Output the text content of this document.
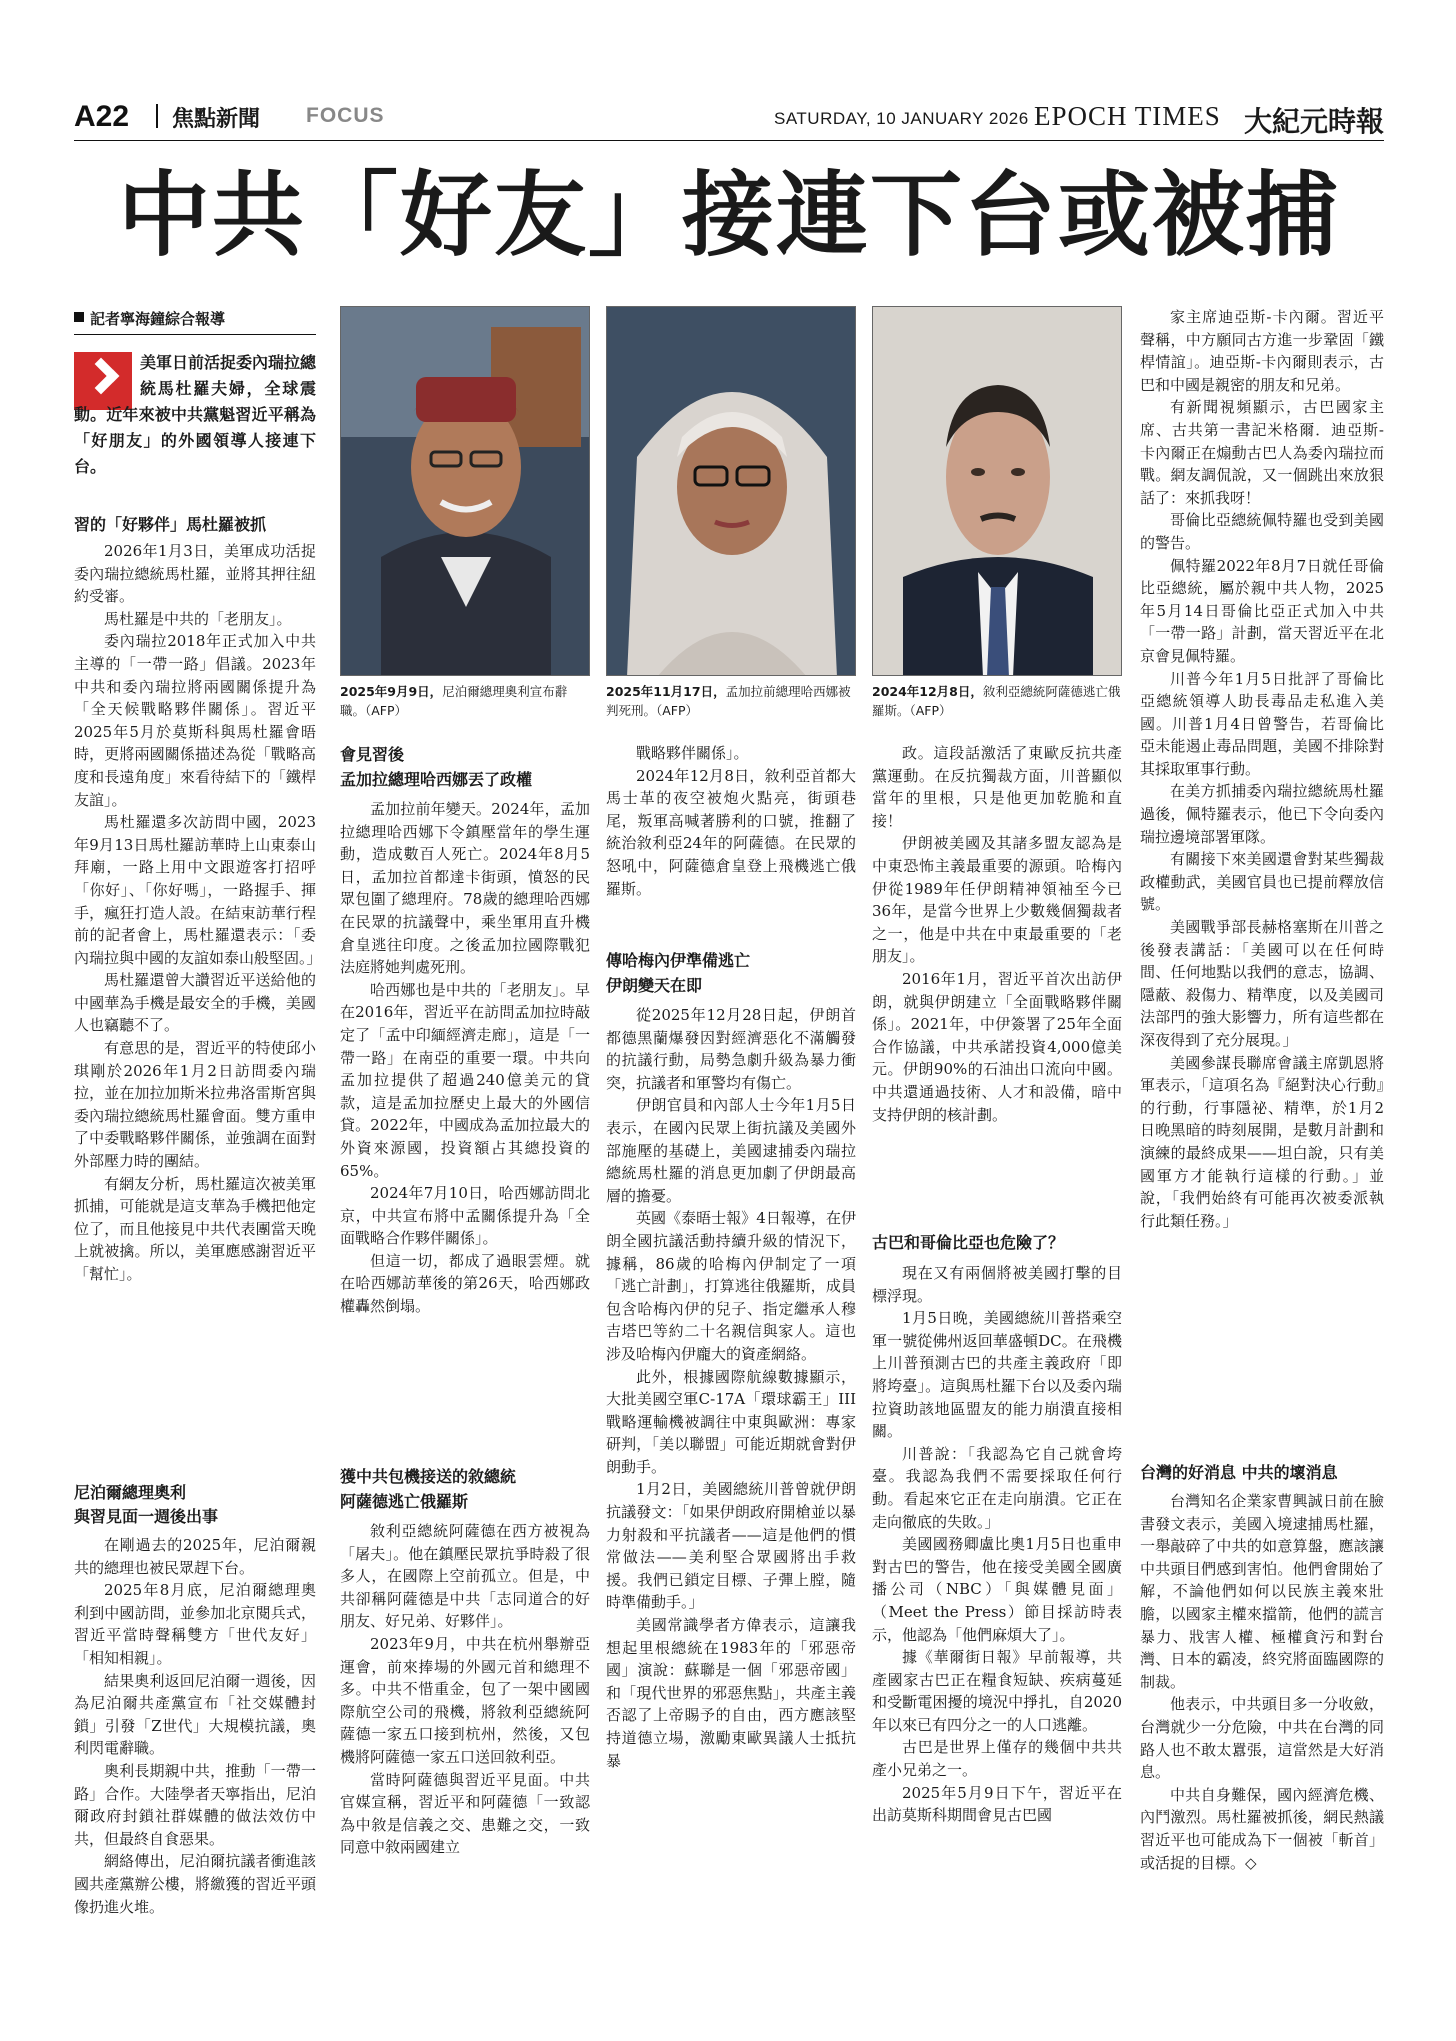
A22 焦點新聞 FOCUS	SATURDAY, 10 JANUARY 2026 EPOCH TIMES 大紀元時報
中共「好友」接連下台或被捕
記者寧海鐘綜合報導
美軍日前活捉委內瑞拉總統馬杜羅夫婦，全球震動。近年來被中共黨魁習近平稱為「好朋友」的外國領導人接連下台。
習的「好夥伴」馬杜羅被抓

2026年1月3日，美軍成功活捉委內瑞拉總統馬杜羅，並將其押往紐約受審。

馬杜羅是中共的「老朋友」。

委內瑞拉2018年正式加入中共主導的「一帶一路」倡議。2023年中共和委內瑞拉將兩國關係提升為「全天候戰略夥伴關係」。習近平2025年5月於莫斯科與馬杜羅會晤時，更將兩國關係描述為從「戰略高度和長遠角度」來看待結下的「鐵桿友誼」。

馬杜羅還多次訪問中國，2023年9月13日馬杜羅訪華時上山東泰山拜廟，一路上用中文跟遊客打招呼「你好」、「你好嗎」，一路握手、揮手，瘋狂打造人設。在結束訪華行程前的記者會上，馬杜羅還表示：「委內瑞拉與中國的友誼如泰山般堅固。」

馬杜羅還曾大讚習近平送給他的中國華為手機是最安全的手機，美國人也竊聽不了。

有意思的是，習近平的特使邱小琪剛於2026年1月2日訪問委內瑞拉，並在加拉加斯米拉弗洛雷斯宮與委內瑞拉總統馬杜羅會面。雙方重申了中委戰略夥伴關係，並強調在面對外部壓力時的團結。

有網友分析，馬杜羅這次被美軍抓捕，可能就是這支華為手機把他定位了，而且他接見中共代表團當天晚上就被擒。所以，美軍應感謝習近平「幫忙」。

尼泊爾總理奧利
與習見面一週後出事

在剛過去的2025年，尼泊爾親共的總理也被民眾趕下台。

2025年8月底，尼泊爾總理奧利到中國訪問，並參加北京閱兵式，習近平當時聲稱雙方「世代友好」「相知相親」。

結果奧利返回尼泊爾一週後，因為尼泊爾共產黨宣布「社交媒體封鎖」引發「Z世代」大規模抗議，奧利閃電辭職。

奧利長期親中共，推動「一帶一路」合作。大陸學者天寧指出，尼泊爾政府封鎖社群媒體的做法效仿中共，但最終自食惡果。

網絡傳出，尼泊爾抗議者衝進該國共產黨辦公樓，將繳獲的習近平頭像扔進火堆。

2025年9月9日，尼泊爾總理奧利宣布辭職。（AFP）
2025年11月17日，孟加拉前總理哈西娜被判死刑。（AFP）
2024年12月8日，敘利亞總統阿薩德逃亡俄羅斯。（AFP）
會見習後
孟加拉總理哈西娜丟了政權

孟加拉前年變天。2024年，孟加拉總理哈西娜下令鎮壓當年的學生運動，造成數百人死亡。2024年8月5日，孟加拉首都達卡街頭，憤怒的民眾包圍了總理府。78歲的總理哈西娜在民眾的抗議聲中，乘坐軍用直升機倉皇逃往印度。之後孟加拉國際戰犯法庭將她判處死刑。

哈西娜也是中共的「老朋友」。早在2016年，習近平在訪問孟加拉時敲定了「孟中印緬經濟走廊」，這是「一帶一路」在南亞的重要一環。中共向孟加拉提供了超過240億美元的貸款，這是孟加拉歷史上最大的外國信貸。2022年，中國成為孟加拉最大的外資來源國，投資額占其總投資的65%。

2024年7月10日，哈西娜訪問北京，中共宣布將中孟關係提升為「全面戰略合作夥伴關係」。

但這一切，都成了過眼雲煙。就在哈西娜訪華後的第26天，哈西娜政權轟然倒塌。

獲中共包機接送的敘總統
阿薩德逃亡俄羅斯

敘利亞總統阿薩德在西方被視為「屠夫」。他在鎮壓民眾抗爭時殺了很多人，在國際上空前孤立。但是，中共卻稱阿薩德是中共「志同道合的好朋友、好兄弟、好夥伴」。

2023年9月，中共在杭州舉辦亞運會，前來捧場的外國元首和總理不多。中共不惜重金，包了一架中國國際航空公司的飛機，將敘利亞總統阿薩德一家五口接到杭州，然後，又包機將阿薩德一家五口送回敘利亞。

當時阿薩德與習近平見面。中共官媒宣稱，習近平和阿薩德「一致認為中敘是信義之交、患難之交，一致同意中敘兩國建立

戰略夥伴關係」。

2024年12月8日，敘利亞首都大馬士革的夜空被炮火點亮，街頭巷尾，叛軍高喊著勝利的口號，推翻了統治敘利亞24年的阿薩德。在民眾的怒吼中，阿薩德倉皇登上飛機逃亡俄羅斯。

傳哈梅內伊準備逃亡
伊朗變天在即

從2025年12月28日起，伊朗首都德黑蘭爆發因對經濟惡化不滿觸發的抗議行動，局勢急劇升級為暴力衝突，抗議者和軍警均有傷亡。

伊朗官員和內部人士今年1月5日表示，在國內民眾上街抗議及美國外部施壓的基礎上，美國逮捕委內瑞拉總統馬杜羅的消息更加劇了伊朗最高層的擔憂。

英國《泰晤士報》4日報導，在伊朗全國抗議活動持續升級的情況下，據稱，86歲的哈梅內伊制定了一項「逃亡計劃」，打算逃往俄羅斯，成員包含哈梅內伊的兒子、指定繼承人穆吉塔巴等約二十名親信與家人。這也涉及哈梅內伊龐大的資產網絡。

此外，根據國際航線數據顯示，大批美國空軍C-17A「環球霸王」III戰略運輸機被調往中東與歐洲：專家研判，「美以聯盟」可能近期就會對伊朗動手。

1月2日，美國總統川普曾就伊朗抗議發文：「如果伊朗政府開槍並以暴力射殺和平抗議者——這是他們的慣常做法——美利堅合眾國將出手救援。我們已鎖定目標、子彈上膛，隨時準備動手。」

美國常識學者方偉表示，這讓我想起里根總統在1983年的「邪惡帝國」演說：蘇聯是一個「邪惡帝國」和「現代世界的邪惡焦點」，共產主義否認了上帝賜予的自由，西方應該堅持道德立場，激勵東歐異議人士抵抗暴

政。這段話激活了東歐反抗共產黨運動。在反抗獨裁方面，川普顯似當年的里根，只是他更加乾脆和直接！

伊朗被美國及其諸多盟友認為是中東恐怖主義最重要的源頭。哈梅內伊從1989年任伊朗精神領袖至今已36年，是當今世界上少數幾個獨裁者之一，他是中共在中東最重要的「老朋友」。

2016年1月，習近平首次出訪伊朗，就與伊朗建立「全面戰略夥伴關係」。2021年，中伊簽署了25年全面合作協議，中共承諾投資4,000億美元。伊朗90%的石油出口流向中國。中共還通過技術、人才和設備，暗中支持伊朗的核計劃。

古巴和哥倫比亞也危險了？

現在又有兩個將被美國打擊的目標浮現。

1月5日晚，美國總統川普搭乘空軍一號從佛州返回華盛頓DC。在飛機上川普預測古巴的共產主義政府「即將垮臺」。這與馬杜羅下台以及委內瑞拉資助該地區盟友的能力崩潰直接相關。

川普說：「我認為它自己就會垮臺。我認為我們不需要採取任何行動。看起來它正在走向崩潰。它正在走向徹底的失敗。」

美國國務卿盧比奧1月5日也重申對古巴的警告，他在接受美國全國廣播公司（NBC）「與媒體見面」（Meet the Press）節目採訪時表示，他認為「他們麻煩大了」。

據《華爾街日報》早前報導，共產國家古巴正在糧食短缺、疾病蔓延和受斷電困擾的境況中掙扎，自2020年以來已有四分之一的人口逃離。

古巴是世界上僅存的幾個中共共產小兄弟之一。

2025年5月9日下午，習近平在出訪莫斯科期間會見古巴國

家主席迪亞斯-卡內爾。習近平聲稱，中方願同古方進一步鞏固「鐵桿情誼」。迪亞斯-卡內爾則表示，古巴和中國是親密的朋友和兄弟。

有新聞視頻顯示，古巴國家主席、古共第一書記米格爾．迪亞斯-卡內爾正在煽動古巴人為委內瑞拉而戰。網友調侃說，又一個跳出來放狠話了：來抓我呀！

哥倫比亞總統佩特羅也受到美國的警告。

佩特羅2022年8月7日就任哥倫比亞總統，屬於親中共人物，2025年5月14日哥倫比亞正式加入中共「一帶一路」計劃，當天習近平在北京會見佩特羅。

川普今年1月5日批評了哥倫比亞總統領導人助長毒品走私進入美國。川普1月4日曾警告，若哥倫比亞未能遏止毒品問題，美國不排除對其採取軍事行動。

在美方抓捕委內瑞拉總統馬杜羅過後，佩特羅表示，他已下令向委內瑞拉邊境部署軍隊。

有關接下來美國還會對某些獨裁政權動武，美國官員也已提前釋放信號。

美國戰爭部長赫格塞斯在川普之後發表講話：「美國可以在任何時間、任何地點以我們的意志，協調、隱蔽、殺傷力、精準度，以及美國司法部門的強大影響力，所有這些都在深夜得到了充分展現。」

美國參謀長聯席會議主席凱恩將軍表示，「這項名為『絕對決心行動』的行動，行事隱祕、精準，於1月2日晚黑暗的時刻展開，是數月計劃和演練的最終成果——坦白說，只有美國軍方才能執行這樣的行動。」並說，「我們始終有可能再次被委派執行此類任務。」

台灣的好消息 中共的壞消息

台灣知名企業家曹興誠日前在臉書發文表示，美國入境逮捕馬杜羅，一舉敲碎了中共的如意算盤，應該讓中共頭目們感到害怕。他們會開始了解，不論他們如何以民族主義來壯膽，以國家主權來擋箭，他們的謊言暴力、戕害人權、極權貪污和對台灣、日本的霸凌，終究將面臨國際的制裁。

他表示，中共頭目多一分收斂，台灣就少一分危險，中共在台灣的同路人也不敢太囂張，這當然是大好消息。

中共自身難保，國內經濟危機、內鬥激烈。馬杜羅被抓後，網民熱議習近平也可能成為下一個被「斬首」或活捉的目標。◇
